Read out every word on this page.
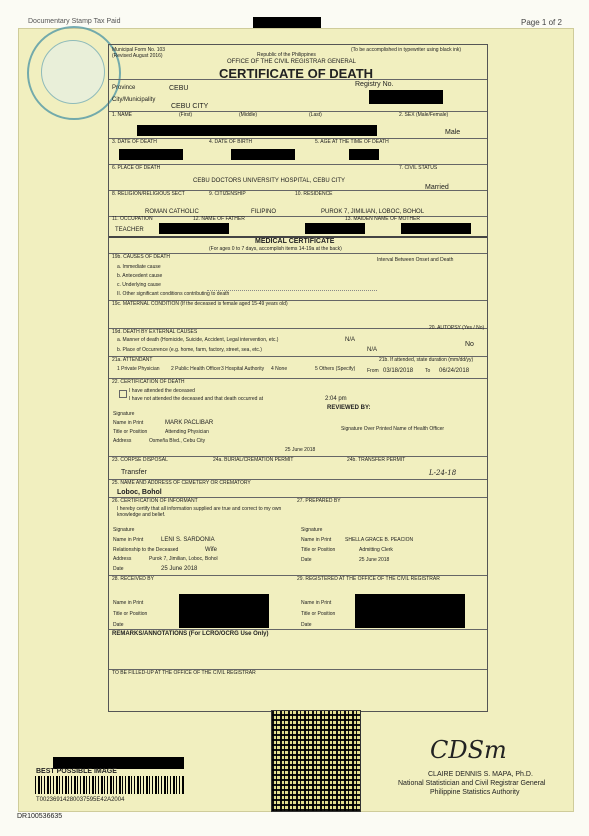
Documentary Stamp Tax Paid	Page 1 of 2
Municipal Form No. 103
(Revised August 2016)	Republic of the Philippines
OFFICE OF THE CIVIL REGISTRAR GENERAL
CERTIFICATE OF DEATH
(To be accomplished in typewriter using black ink)
Registry No.
Province	CEBU
City/Municipality
CEBU CITY
1. NAME	(First)	(Middle)	(Last)	2. SEX (Male/Female)
Male
3. DATE OF DEATH	4. DATE OF BIRTH	5. AGE AT THE TIME OF DEATH
6. PLACE OF DEATH
CEBU DOCTORS UNIVERSITY HOSPITAL, CEBU CITY
7. CIVIL STATUS
Married
8. RELIGION/RELIGIOUS SECT
ROMAN CATHOLIC
9. CITIZENSHIP
FILIPINO
10. RESIDENCE
PUROK 7, JIMILIAN, LOBOC, BOHOL
11. OCCUPATION
TEACHER
12. NAME OF FATHER	13. MAIDEN NAME OF MOTHER
MEDICAL CERTIFICATE
(For ages 0 to 7 days, accomplish items 14-19a at the back)
19b. CAUSES OF DEATH	Interval Between Onset and Death
a. Immediate cause
b. Antecedent cause
c. Underlying cause
II. Other significant conditions contributing to death
19c. MATERNAL CONDITION (If the deceased is female aged 15-49 years old)
19d. DEATH BY EXTERNAL CAUSES
a. Manner of death (Homicide, Suicide, Accident, Legal intervention, etc.)	N/A
b. Place of Occurrence (e.g. home, farm, factory, street, sea, etc.)	N/A
20. AUTOPSY (Yes / No)
No
21a. ATTENDANT
1 Private Physician 2 Public Health Officer 3 Hospital Authority 4 None	5 Others (Specify)
21b. If attended, state duration (mm/dd/yy)
From 03/18/2018 To 06/24/2018
22. CERTIFICATION OF DEATH
I have attended the deceased
I have not attended the deceased and that death occurred at	2:04 pm
Signature
Name in Print	MARK PACLIBAR
Title or Position	Attending Physician
Address	Osmeña Blvd., Cebu City
25 June 2018
REVIEWED BY:
Signature Over Printed Name of Health Officer
23. CORPSE DISPOSAL
Transfer
24a. BURIAL/CREMATION PERMIT	24b. TRANSFER PERMIT
L-24-18
25. NAME AND ADDRESS OF CEMETERY OR CREMATORY
Loboc, Bohol
26. CERTIFICATION OF INFORMANT
I hereby certify that all information supplied are true and correct to my own knowledge and belief.
Signature
Name in Print	LENI S. SARDONIA
Relationship to the Deceased	Wife
Address	Purok 7, Jimilian, Loboc, Bohol
Date	25 June 2018
27. PREPARED BY
Signature
Name in Print	SHELLA GRACE B. PEACION
Title or Position	Admitting Clerk
Date	25 June 2018
28. RECEIVED BY
Name in Print
Title or Position
Date
29. REGISTERED AT THE OFFICE OF THE CIVIL REGISTRAR
Name in Print
Title or Position
Date
REMARKS/ANNOTATIONS (For LCRO/OCRG Use Only)
TO BE FILLED-UP AT THE OFFICE OF THE CIVIL REGISTRAR
BEST POSSIBLE IMAGE
T00236914280037595E42A2004
DR100536635
CDSm
CLAIRE DENNIS S. MAPA, Ph.D.
National Statistician and Civil Registrar General
Philippine Statistics Authority
